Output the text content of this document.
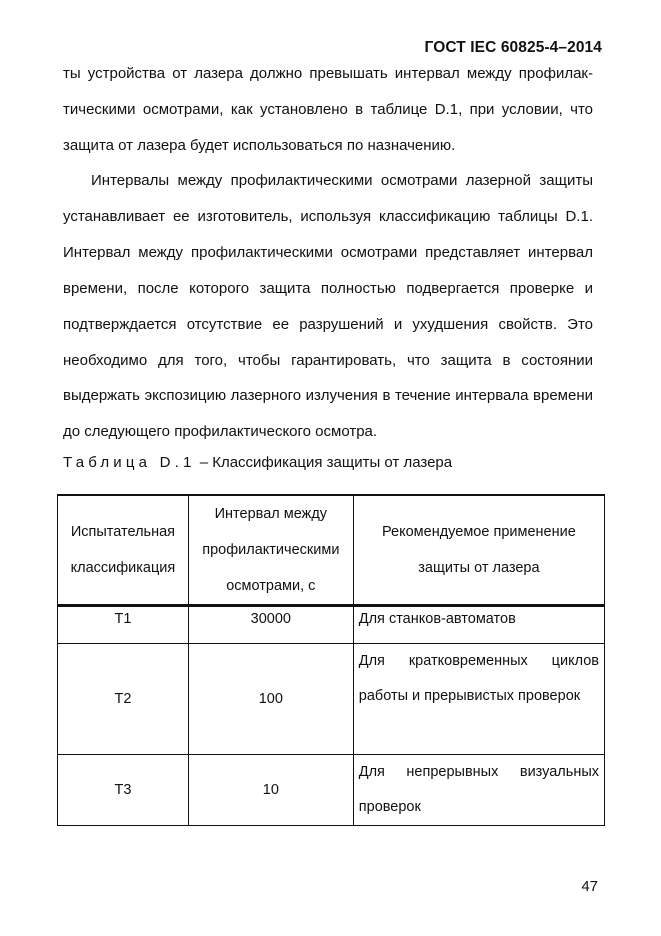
ГОСТ IEC 60825-4–2014

ты устройства от лазера должно превышать интервал между профилактическими осмотрами, как установлено в таблице D.1, при условии, что защита от лазера будет использоваться по назначению.

Интервалы между профилактическими осмотрами лазерной защиты устанавливает ее изготовитель, используя классификацию таблицы D.1. Интервал между профилактическими осмотрами представляет интервал времени, после которого защита полностью подвергается проверке и подтверждается отсутствие ее разрушений и ухудшения свойств. Это необходимо для того, чтобы гарантировать, что защита в состоянии выдержать экспозицию лазерного излучения в течение интервала времени до следующего профилактического осмотра.

Таблица D.1 – Классификация защиты от лазера
Испытательная классификация	Интервал между профилактическими осмотрами, с	Рекомендуемое применение защиты от лазера
Т1	30000	Для станков-автоматов
Т2	100	Для кратковременных циклов работы и прерывистых проверок
Т3	10	Для непрерывных визуальных проверок
47
